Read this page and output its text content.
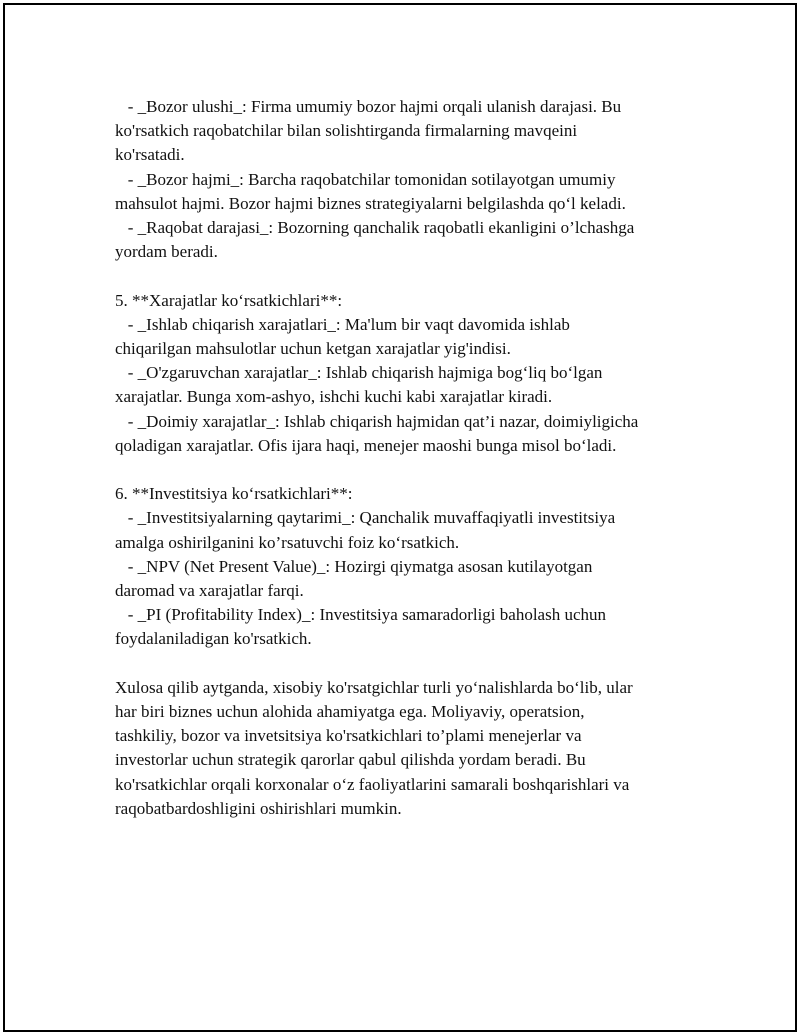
- _Bozor ulushi_: Firma umumiy bozor hajmi orqali ulanish darajasi. Bu
ko'rsatkich raqobatchilar bilan solishtirganda firmalarning mavqeini
ko'rsatadi.
- _Bozor hajmi_: Barcha raqobatchilar tomonidan sotilayotgan umumiy
mahsulot hajmi. Bozor hajmi biznes strategiyalarni belgilashda qo‘l keladi.
- _Raqobat darajasi_: Bozorning qanchalik raqobatli ekanligini o’lchashga
yordam beradi.
5. **Xarajatlar ko‘rsatkichlari**:
- _Ishlab chiqarish xarajatlari_: Ma'lum bir vaqt davomida ishlab
chiqarilgan mahsulotlar uchun ketgan xarajatlar yig'indisi.
- _O'zgaruvchan xarajatlar_: Ishlab chiqarish hajmiga bog‘liq bo‘lgan
xarajatlar. Bunga xom-ashyo, ishchi kuchi kabi xarajatlar kiradi.
- _Doimiy xarajatlar_: Ishlab chiqarish hajmidan qat’i nazar, doimiyligicha
qoladigan xarajatlar. Ofis ijara haqi, menejer maoshi bunga misol bo‘ladi.
6. **Investitsiya ko‘rsatkichlari**:
- _Investitsiyalarning qaytarimi_: Qanchalik muvaffaqiyatli investitsiya
amalga oshirilganini ko’rsatuvchi foiz ko‘rsatkich.
- _NPV (Net Present Value)_: Hozirgi qiymatga asosan kutilayotgan
daromad va xarajatlar farqi.
- _PI (Profitability Index)_: Investitsiya samaradorligi baholash uchun
foydalaniladigan ko'rsatkich.
Xulosa qilib aytganda, xisobiy ko'rsatgichlar turli yo‘nalishlarda bo‘lib, ular
har biri biznes uchun alohida ahamiyatga ega. Moliyaviy, operatsion,
tashkiliy, bozor va invetsitsiya ko'rsatkichlari to’plami menejerlar va
investorlar uchun strategik qarorlar qabul qilishda yordam beradi. Bu
ko'rsatkichlar orqali korxonalar o‘z faoliyatlarini samarali boshqarishlari va
raqobatbardoshligini oshirishlari mumkin.
